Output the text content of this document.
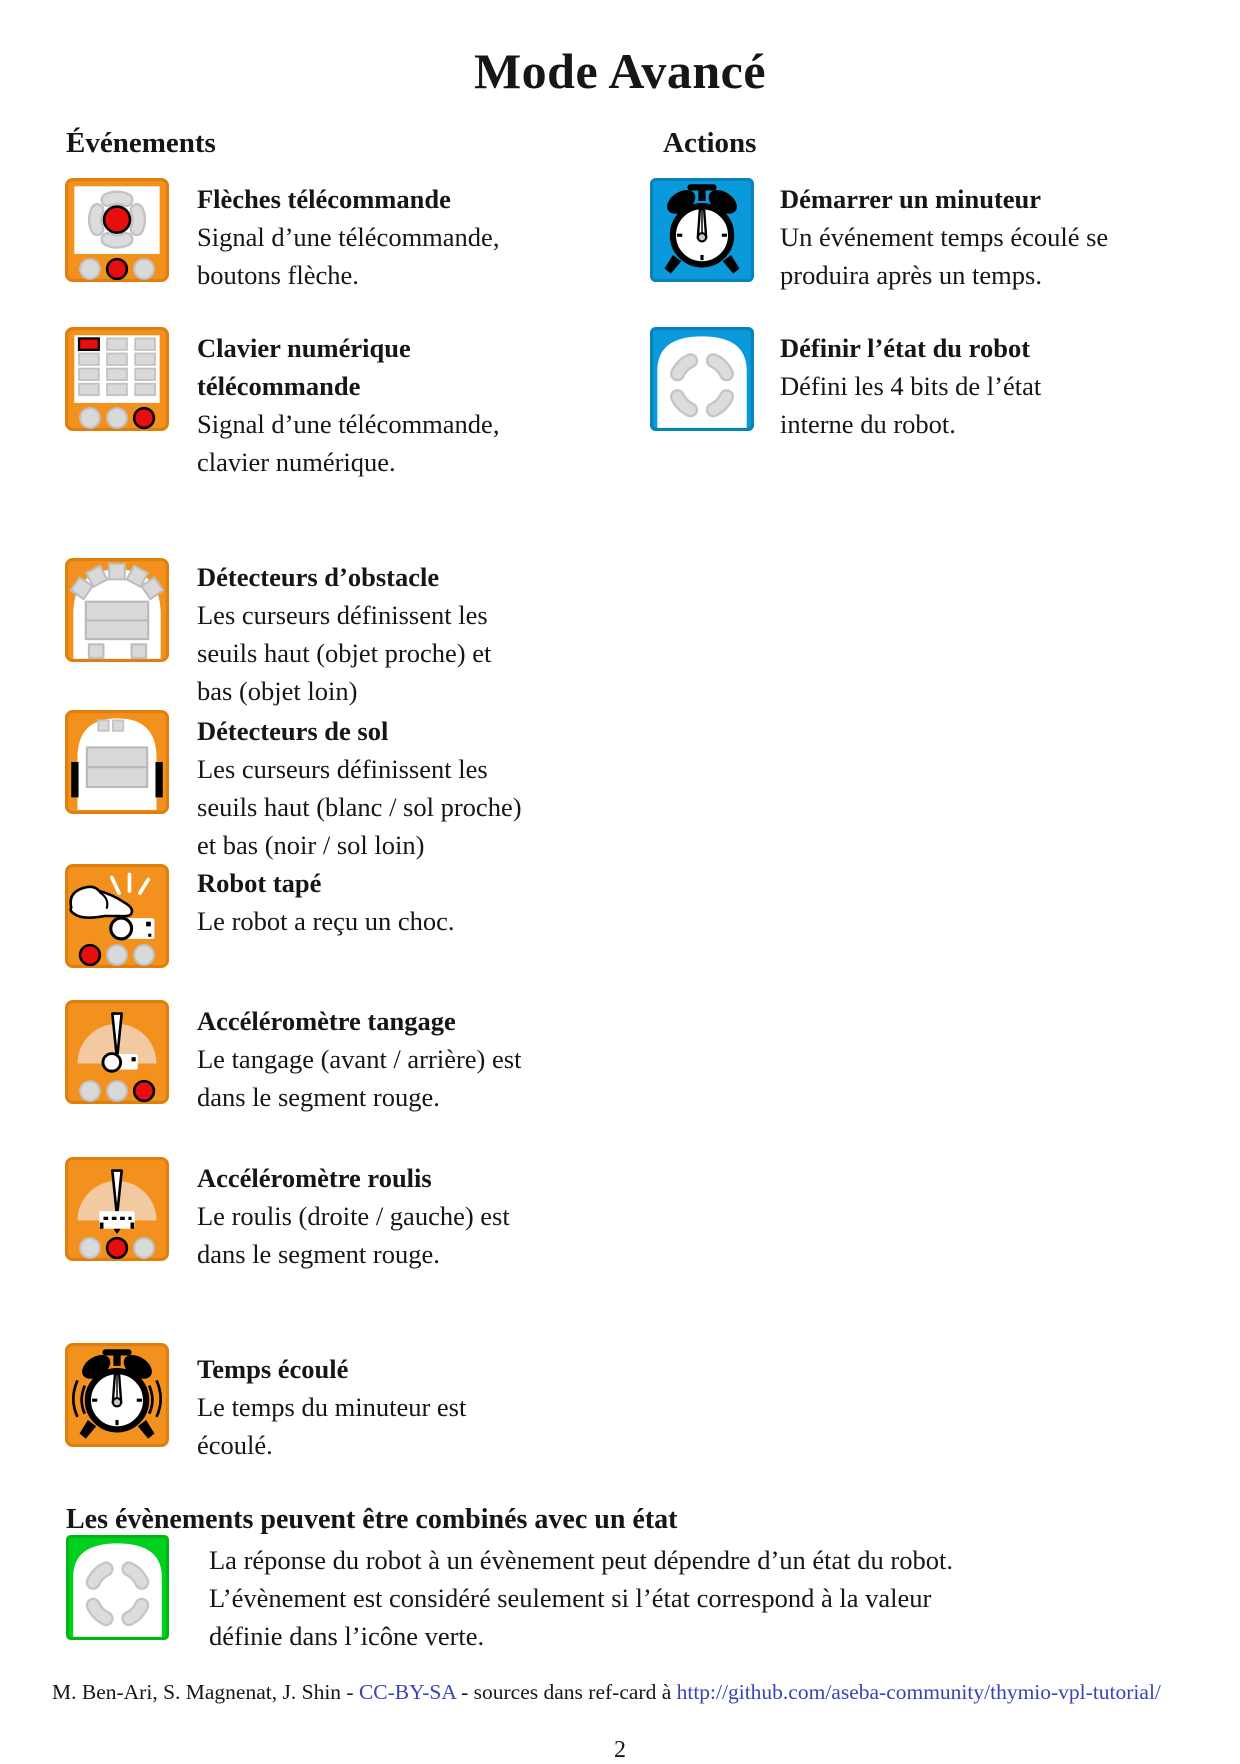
Mode Avancé
Événements	Actions
Flèches télécommande
Signal d’une télécommande,
boutons flèche.
Clavier numérique
télécommande
Signal d’une télécommande,
clavier numérique.
Détecteurs d’obstacle
Les curseurs définissent les
seuils haut (objet proche) et
bas (objet loin)
Détecteurs de sol
Les curseurs définissent les
seuils haut (blanc / sol proche)
et bas (noir / sol loin)
Robot tapé
Le robot a reçu un choc.
Accéléromètre tangage
Le tangage (avant / arrière) est
dans le segment rouge.
Accéléromètre roulis
Le roulis (droite / gauche) est
dans le segment rouge.
Temps écoulé
Le temps du minuteur est
écoulé.
Démarrer un minuteur
Un événement temps écoulé se
produira après un temps.
Définir l’état du robot
Défini les 4 bits de l’état
interne du robot.
Les évènements peuvent être combinés avec un état
La réponse du robot à un évènement peut dépendre d’un état du robot.
L’évènement est considéré seulement si l’état correspond à la valeur
définie dans l’icône verte.
M. Ben-Ari, S. Magnenat, J. Shin - CC-BY-SA - sources dans ref-card à http://github.com/aseba-community/thymio-vpl-tutorial/
2
